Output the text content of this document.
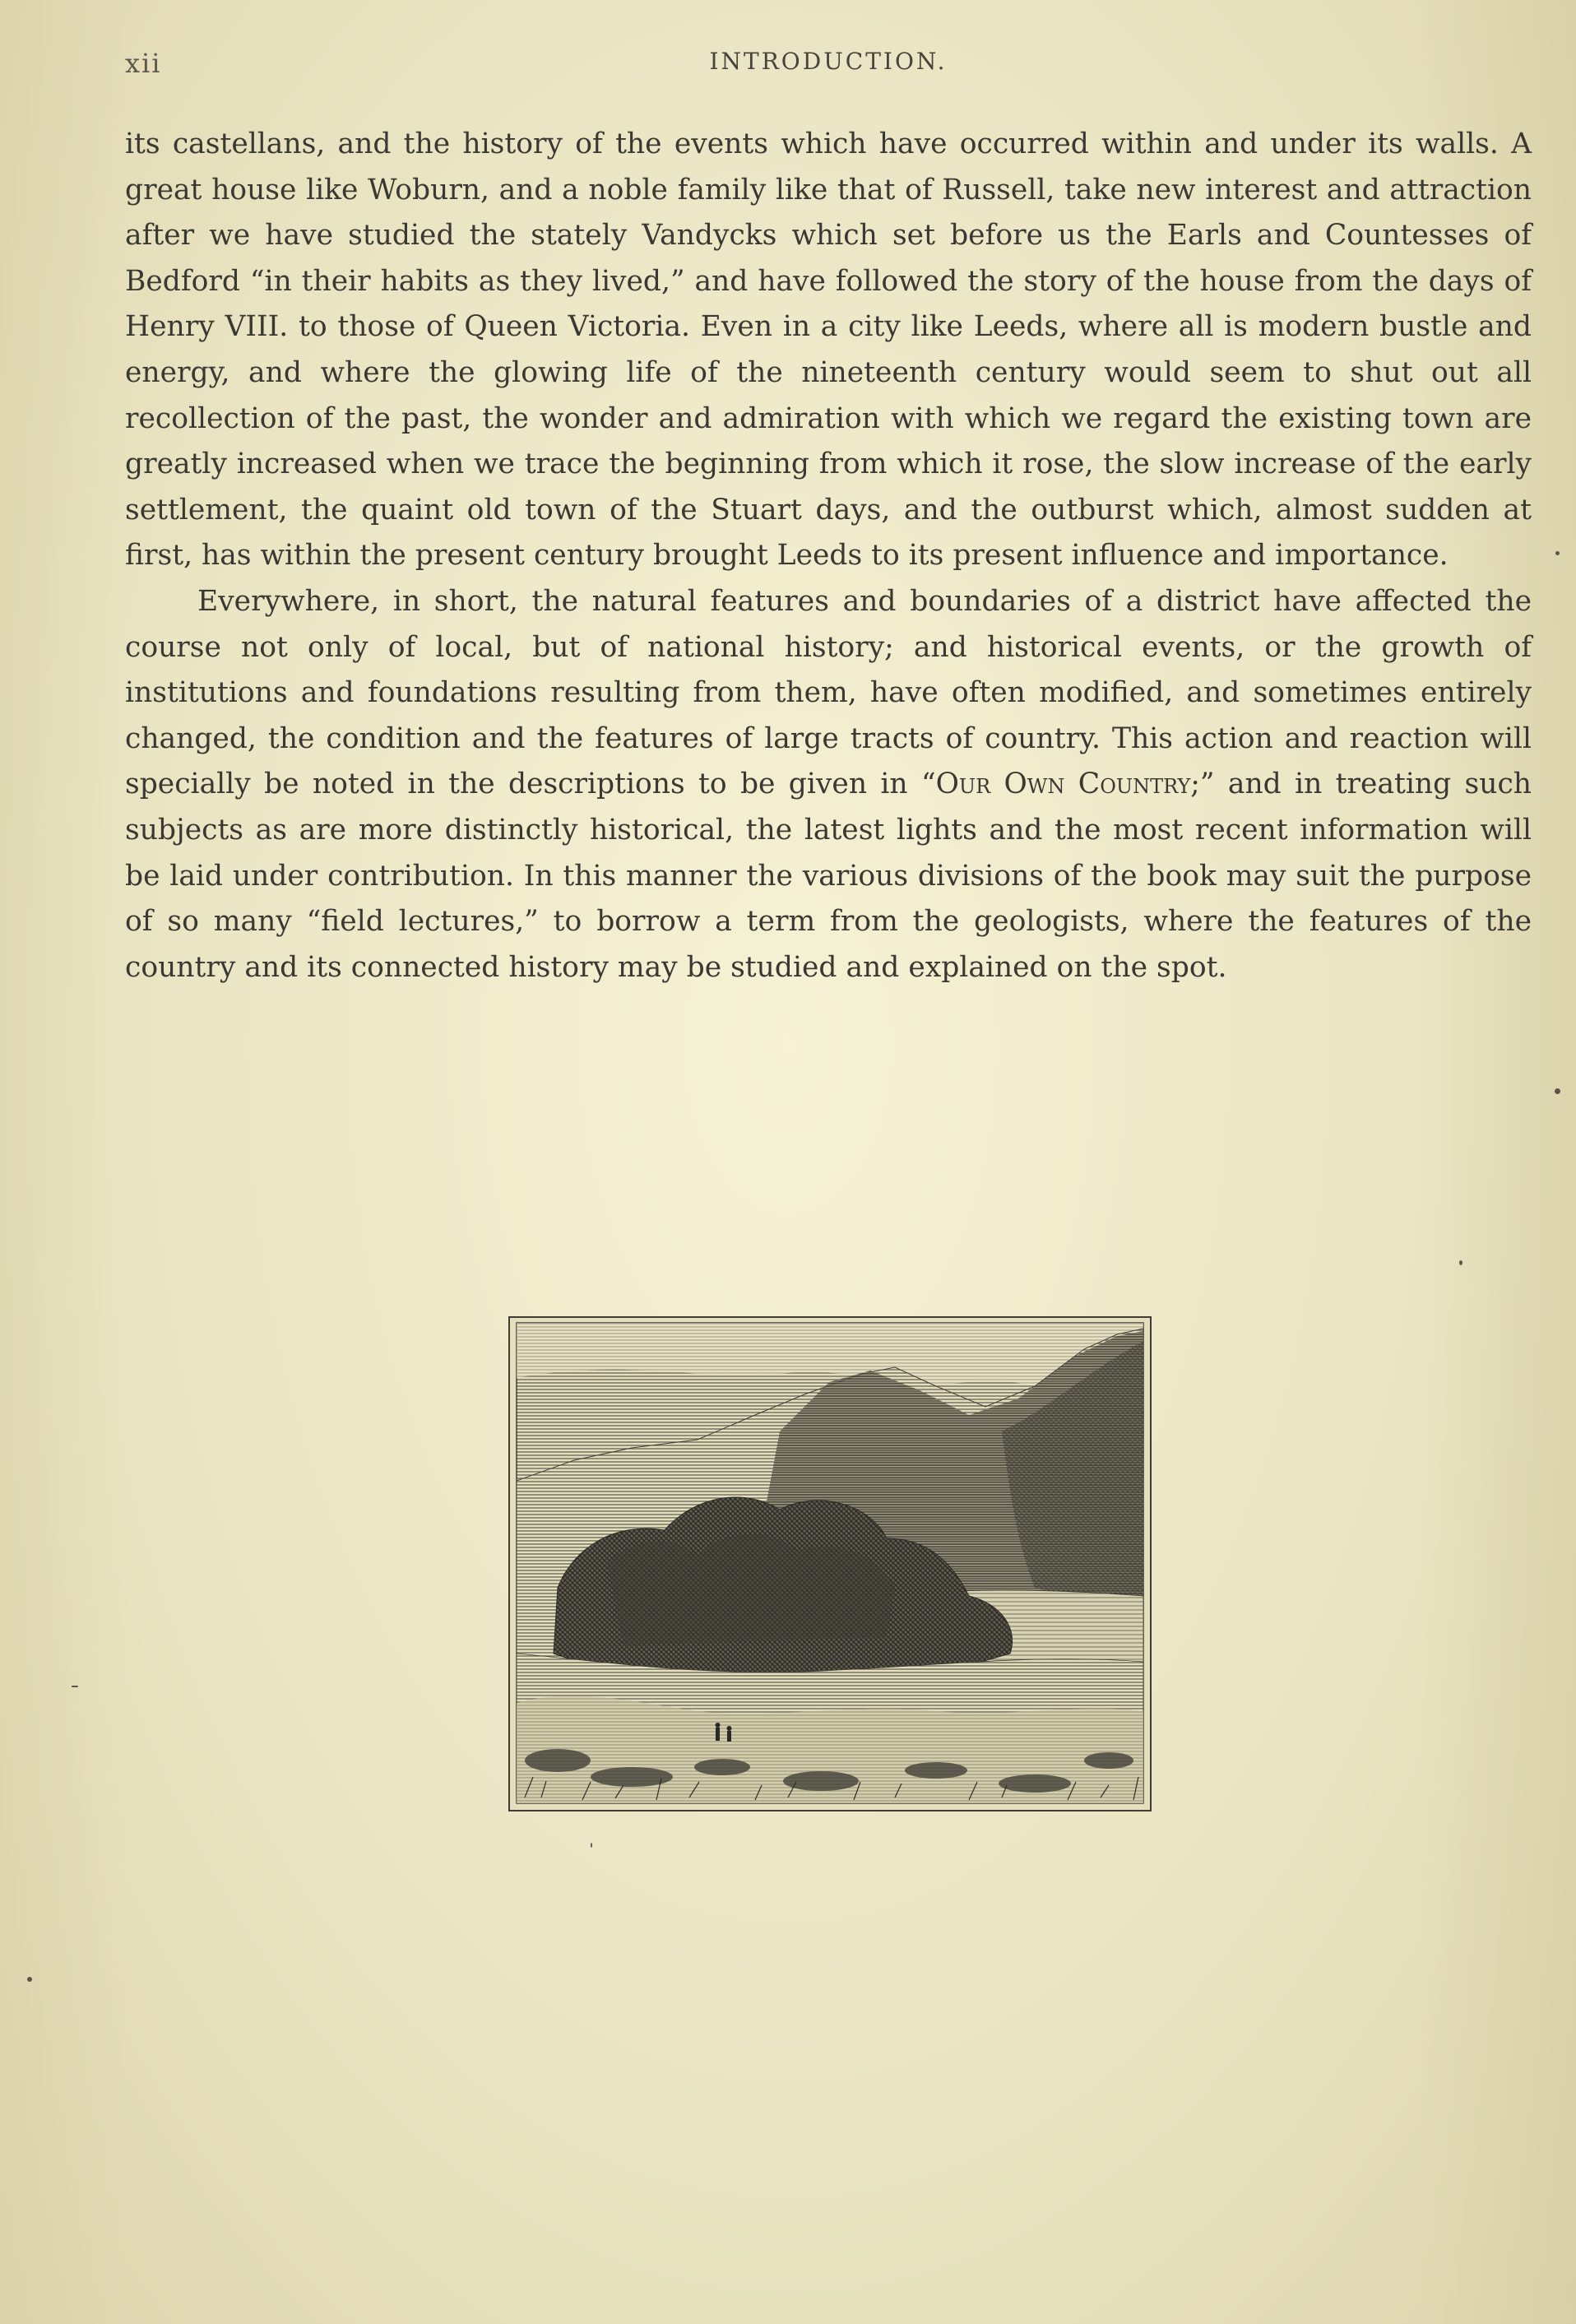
xii	INTRODUCTION.

its castellans, and the history of the events which have occurred within and under its walls. A great house like Woburn, and a noble family like that of Russell, take new interest and attraction after we have studied the stately Vandycks which set before us the Earls and Countesses of Bedford “in their habits as they lived,” and have followed the story of the house from the days of Henry VIII. to those of Queen Victoria. Even in a city like Leeds, where all is modern bustle and energy, and where the glowing life of the nineteenth century would seem to shut out all recollection of the past, the wonder and admiration with which we regard the existing town are greatly increased when we trace the beginning from which it rose, the slow increase of the early settlement, the quaint old town of the Stuart days, and the outburst which, almost sudden at first, has within the present century brought Leeds to its present influence and importance.

Everywhere, in short, the natural features and boundaries of a district have affected the course not only of local, but of national history; and historical events, or the growth of institutions and foundations resulting from them, have often modified, and sometimes entirely changed, the condition and the features of large tracts of country. This action and reaction will specially be noted in the descriptions to be given in “Our Own Country;” and in treating such subjects as are more distinctly historical, the latest lights and the most recent information will be laid under contribution. In this manner the various divisions of the book may suit the purpose of so many “field lectures,” to borrow a term from the geologists, where the features of the country and its connected history may be studied and explained on the spot.
